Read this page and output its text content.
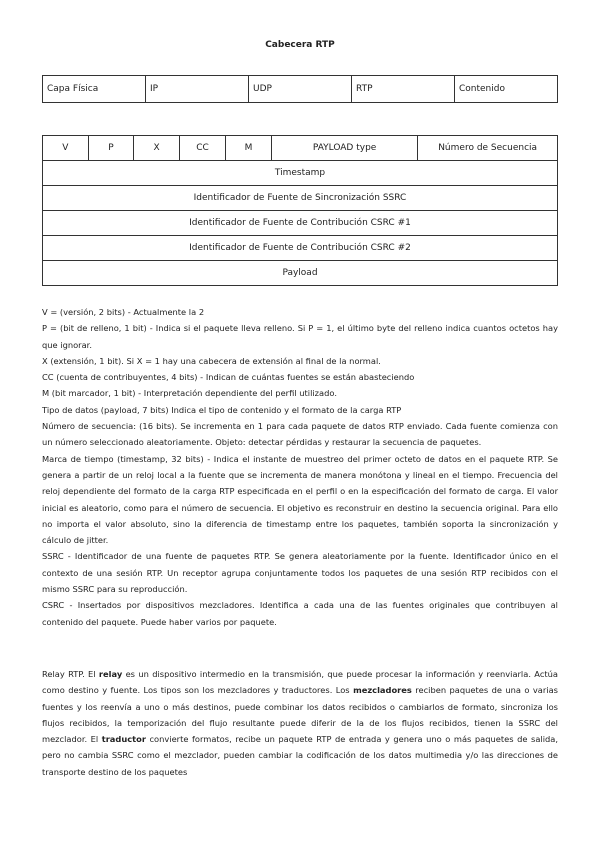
Cabecera RTP
Capa Física	IP	UDP	RTP	Contenido
V	P	X	CC	M	PAYLOAD type	Número de Secuencia
Timestamp
Identificador de Fuente de Sincronización SSRC
Identificador de Fuente de Contribución CSRC #1
Identificador de Fuente de Contribución CSRC #2
Payload

V = (versión, 2 bits) - Actualmente la 2

P = (bit de relleno, 1 bit) - Indica si el paquete lleva relleno. Si P = 1, el último byte del relleno indica cuantos octetos hay que ignorar.

X (extensión, 1 bit). Si X = 1 hay una cabecera de extensión al final de la normal.

CC (cuenta de contribuyentes, 4 bits) - Indican de cuántas fuentes se están abasteciendo

M (bit marcador, 1 bit) - Interpretación dependiente del perfil utilizado.

Tipo de datos (payload, 7 bits) Indica el tipo de contenido y el formato de la carga RTP

Número de secuencia: (16 bits). Se incrementa en 1 para cada paquete de datos RTP enviado. Cada fuente comienza con un número seleccionado aleatoriamente. Objeto: detectar pérdidas y restaurar la secuencia de paquetes.

Marca de tiempo (timestamp, 32 bits) - Indica el instante de muestreo del primer octeto de datos en el paquete RTP. Se genera a partir de un reloj local a la fuente que se incrementa de manera monótona y lineal en el tiempo. Frecuencia del reloj dependiente del formato de la carga RTP especificada en el perfil o en la especificación del formato de carga. El valor inicial es aleatorio, como para el número de secuencia. El objetivo es reconstruir en destino la secuencia original. Para ello no importa el valor absoluto, sino la diferencia de timestamp entre los paquetes, también soporta la sincronización y cálculo de jitter.

SSRC - Identificador de una fuente de paquetes RTP. Se genera aleatoriamente por la fuente. Identificador único en el contexto de una sesión RTP. Un receptor agrupa conjuntamente todos los paquetes de una sesión RTP recibidos con el mismo SSRC para su reproducción.

CSRC - Insertados por dispositivos mezcladores. Identifica a cada una de las fuentes originales que contribuyen al contenido del paquete. Puede haber varios por paquete.

Relay RTP. El relay es un dispositivo intermedio en la transmisión, que puede procesar la información y reenviarla. Actúa como destino y fuente. Los tipos son los mezcladores y traductores. Los mezcladores reciben paquetes de una o varias fuentes y los reenvía a uno o más destinos, puede combinar los datos recibidos o cambiarlos de formato, sincroniza los flujos recibidos, la temporización del flujo resultante puede diferir de la de los flujos recibidos, tienen la SSRC del mezclador. El traductor convierte formatos, recibe un paquete RTP de entrada y genera uno o más paquetes de salida, pero no cambia SSRC como el mezclador, pueden cambiar la codificación de los datos multimedia y/o las direcciones de transporte destino de los paquetes
